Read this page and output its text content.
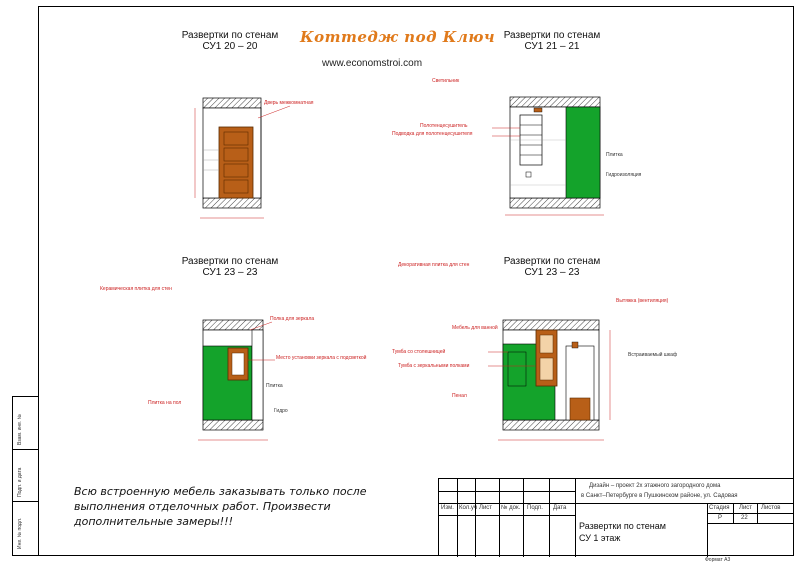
Взам. инв. №
Подп. и дата
Инв. № подл.
Коттедж под Ключ
www.economstroi.com
Развертки по стенам
СУ1 20 – 20
Развертки по стенам
СУ1 21 – 21
Развертки по стенам
СУ1 23 – 23
Развертки по стенам
СУ1 23 – 23
Дверь межкомнатная
Светильник
Полотенцесушитель
Подводка для полотенцесушителя
Плитка
Гидроизоляция
Керамическая плитка для стен
Полка для зеркала
Место установки зеркала с подсветкой
Плитка
Гидро
Плитка на пол
Декоративная плитка для стен
Мебель для ванной
Тумба со столешницей
Тумба с зеркальными полками
Пенал
Встраиваемый шкаф
Вытяжка (вентиляция)
Всю встроенную мебель заказывать только после выполнения отделочных работ. Произвести дополнительные замеры!!!
Изм. Кол.уч Лист № док. Подп. Дата
Дизайн – проект 2х этажного загородного дома
в Санкт–Петербурге в Пушкинском районе, ул. Садовая
Развертки по стенам
СУ 1 этаж
Стадия Лист Листов
Р	22
Формат А3
